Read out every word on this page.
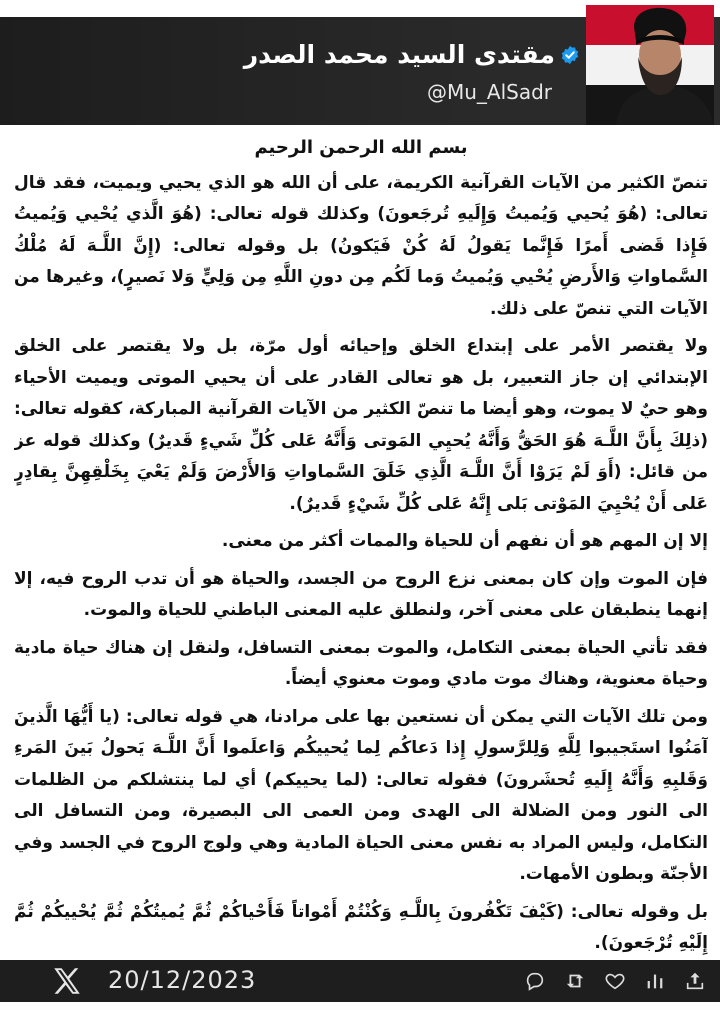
مقتدى السيد محمد الصدر
@Mu_AlSadr
بسم الله الرحمن الرحيم

تنصّ الكثير من الآيات القرآنية الكريمة، على أن الله هو الذي يحيي ويميت، فقد قال تعالى: (هُوَ يُحيي وَيُميتُ وَإِلَيهِ تُرجَعونَ) وكذلك قوله تعالى: (هُوَ الَّذي يُحْيي وَيُميتُ فَإِذا قَضى أَمرًا فَإِنَّما يَقولُ لَهُ كُنْ فَيَكونُ) بل وقوله تعالى: (إِنَّ اللَّـهَ لَهُ مُلْكُ السَّماواتِ وَالأَرضِ يُحْيي وَيُميتُ وَما لَكُم مِن دونِ اللَّهِ مِن وَلِيٍّ وَلا نَصيرٍ)، وغيرها من الآيات التي تنصّ على ذلك.

ولا يقتصر الأمر على إبتداع الخلق وإحيائه أول مرّة، بل ولا يقتصر على الخلق الإبتدائي إن جاز التعبير، بل هو تعالى القادر على أن يحيي الموتى ويميت الأحياء وهو حيٌ لا يموت، وهو أيضا ما تنصّ الكثير من الآيات القرآنية المباركة، كقوله تعالى: (ذلِكَ بِأَنَّ اللَّـهَ هُوَ الحَقُّ وَأَنَّهُ يُحيِي المَوتى وَأَنَّهُ عَلى كُلِّ شَيءٍ قَديرٌ) وكذلك قوله عز من قائل: (أَوَ لَمْ يَرَوْا أَنَّ اللَّـهَ الَّذِي خَلَقَ السَّماواتِ وَالأَرْضَ وَلَمْ يَعْيَ بِخَلْقِهِنَّ بِقادِرٍ عَلى أَنْ يُحْيِيَ المَوْتى بَلى إِنَّهُ عَلى كُلِّ شَيْءٍ قَديرٌ).

إلا إن المهم هو أن نفهم أن للحياة والممات أكثر من معنى.

فإن الموت وإن كان بمعنى نزع الروح من الجسد، والحياة هو أن تدب الروح فيه، إلا إنهما ينطبقان على معنى آخر، ولنطلق عليه المعنى الباطني للحياة والموت.

فقد تأتي الحياة بمعنى التكامل، والموت بمعنى التسافل، ولنقل إن هناك حياة مادية وحياة معنوية، وهناك موت مادي وموت معنوي أيضاً.

ومن تلك الآيات التي يمكن أن نستعين بها على مرادنا، هي قوله تعالى: (يا أَيُّهَا الَّذينَ آمَنُوا استَجيبوا لِلَّهِ وَلِلرَّسولِ إِذا دَعاكُم لِما يُحييكُم وَاعلَموا أَنَّ اللَّـهَ يَحولُ بَينَ المَرءِ وَقَلبِهِ وَأَنَّهُ إِلَيهِ تُحشَرونَ) فقوله تعالى: (لما يحييكم) أي لما ينتشلكم من الظلمات الى النور ومن الضلالة الى الهدى ومن العمى الى البصيرة، ومن التسافل الى التكامل، وليس المراد به نفس معنى الحياة المادية وهي ولوج الروح في الجسد وفي الأجنّة وبطون الأمهات.

بل وقوله تعالى: (كَيْفَ تَكْفُرونَ بِاللَّـهِ وَكُنْتُمْ أَمْواتاً فَأَحْياكُمْ ثُمَّ يُميتُكُمْ ثُمَّ يُحْييكُمْ ثُمَّ إِلَيْهِ تُرْجَعونَ).

20/12/2023
